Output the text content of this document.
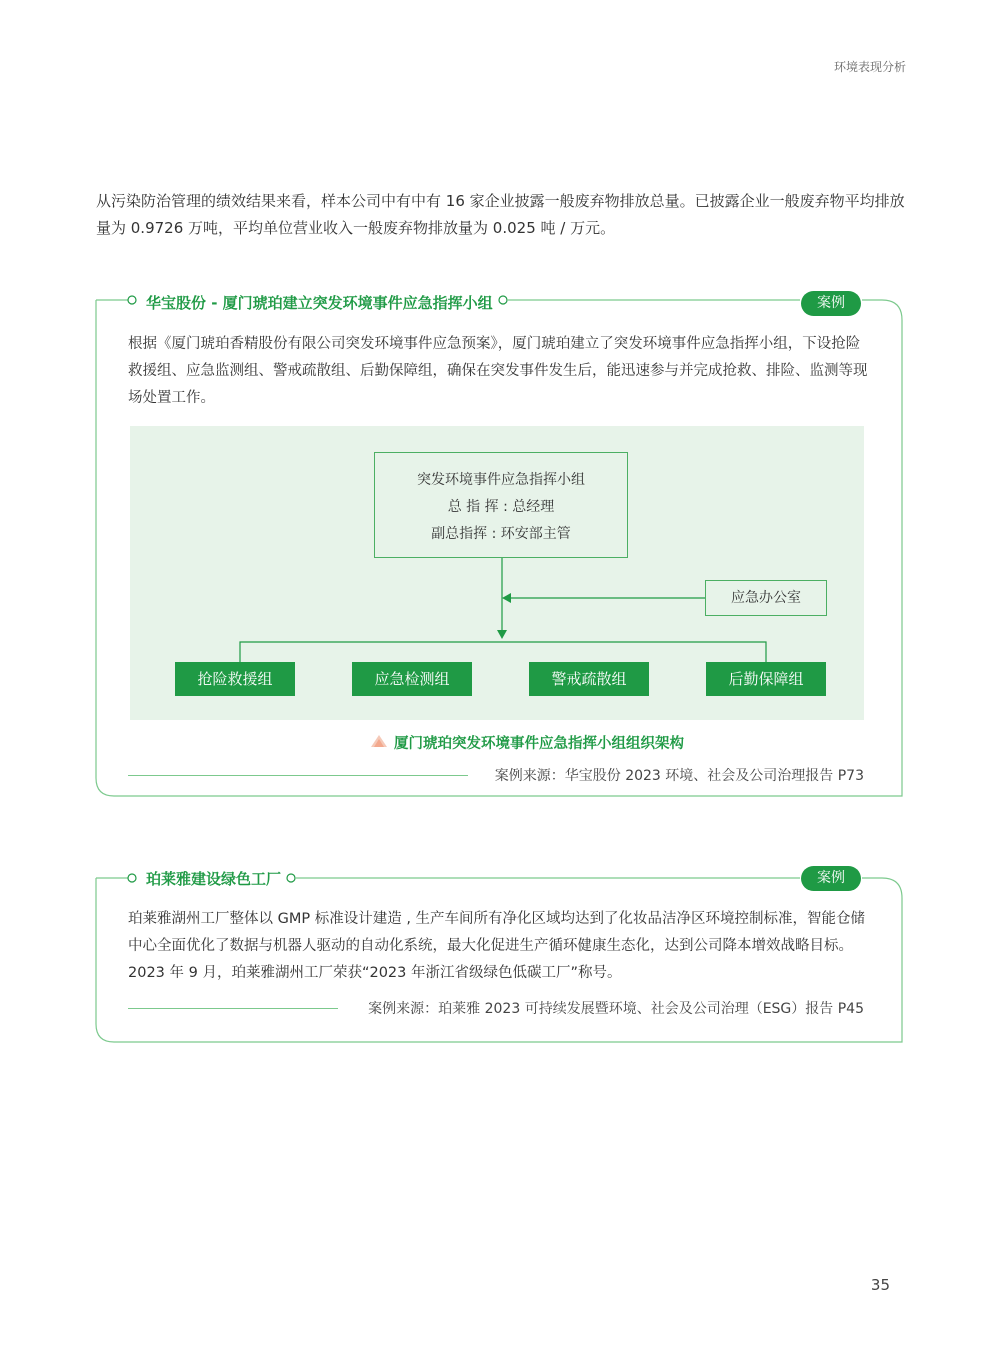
环境表现分析
从污染防治管理的绩效结果来看，样本公司中有中有 16 家企业披露一般废弃物排放总量。已披露企业一般废弃物平均排放量为 0.9726 万吨，平均单位营业收入一般废弃物排放量为 0.025 吨 / 万元。
华宝股份 - 厦门琥珀建立突发环境事件应急指挥小组	案例
根据《厦门琥珀香精股份有限公司突发环境事件应急预案》，厦门琥珀建立了突发环境事件应急指挥小组，下设抢险救援组、应急监测组、警戒疏散组、后勤保障组，确保在突发事件发生后，能迅速参与并完成抢救、排险、监测等现场处置工作。
突发环境事件应急指挥小组
总 指 挥 : 总经理
副总指挥 : 环安部主管
应急办公室
抢险救援组	应急检测组	警戒疏散组	后勤保障组
厦门琥珀突发环境事件应急指挥小组组织架构
案例来源：华宝股份 2023 环境、社会及公司治理报告 P73
珀莱雅建设绿色工厂	案例
珀莱雅湖州工厂整体以 GMP 标准设计建造 , 生产车间所有净化区域均达到了化妆品洁净区环境控制标准，智能仓储中心全面优化了数据与机器人驱动的自动化系统，最大化促进生产循环健康生态化，达到公司降本增效战略目标。2023 年 9 月，珀莱雅湖州工厂荣获“2023 年浙江省级绿色低碳工厂”称号。
案例来源：珀莱雅 2023 可持续发展暨环境、社会及公司治理（ESG）报告 P45
35
